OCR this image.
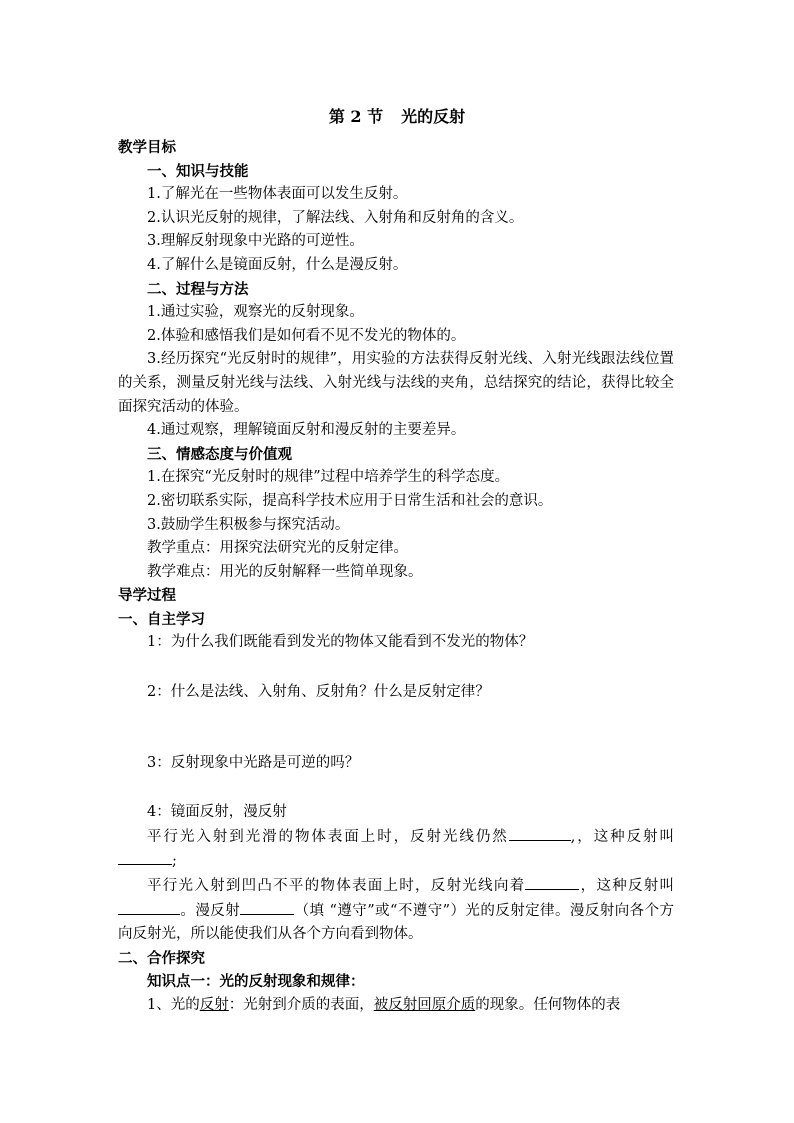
第 2 节 光的反射

教学目标

一、知识与技能

1.了解光在一些物体表面可以发生反射。

2.认识光反射的规律，了解法线、入射角和反射角的含义。

3.理解反射现象中光路的可逆性。

4.了解什么是镜面反射，什么是漫反射。

二、过程与方法

1.通过实验，观察光的反射现象。

2.体验和感悟我们是如何看不见不发光的物体的。

3.经历探究“光反射时的规律”，用实验的方法获得反射光线、入射光线跟法线位置的关系，测量反射光线与法线、入射光线与法线的夹角，总结探究的结论，获得比较全面探究活动的体验。

4.通过观察，理解镜面反射和漫反射的主要差异。

三、情感态度与价值观

1.在探究“光反射时的规律”过程中培养学生的科学态度。

2.密切联系实际，提高科学技术应用于日常生活和社会的意识。

3.鼓励学生积极参与探究活动。

教学重点：用探究法研究光的反射定律。

教学难点：用光的反射解释一些简单现象。

导学过程

一、自主学习

1：为什么我们既能看到发光的物体又能看到不发光的物体？

2：什么是法线、入射角、反射角？什么是反射定律？

3：反射现象中光路是可逆的吗？

4：镜面反射，漫反射

平行光入射到光滑的物体表面上时，反射光线仍然	,，这种反射叫 ;

平行光入射到凹凸不平的物体表面上时，反射光线向着	，这种反射叫。漫反射	（填 “遵守”或“不遵守”）光的反射定律。漫反射向各个方向反射光，所以能使我们从各个方向看到物体。

二、合作探究

知识点一：光的反射现象和规律：

1、光的反射：光射到介质的表面，被反射回原介质的现象。任何物体的表
